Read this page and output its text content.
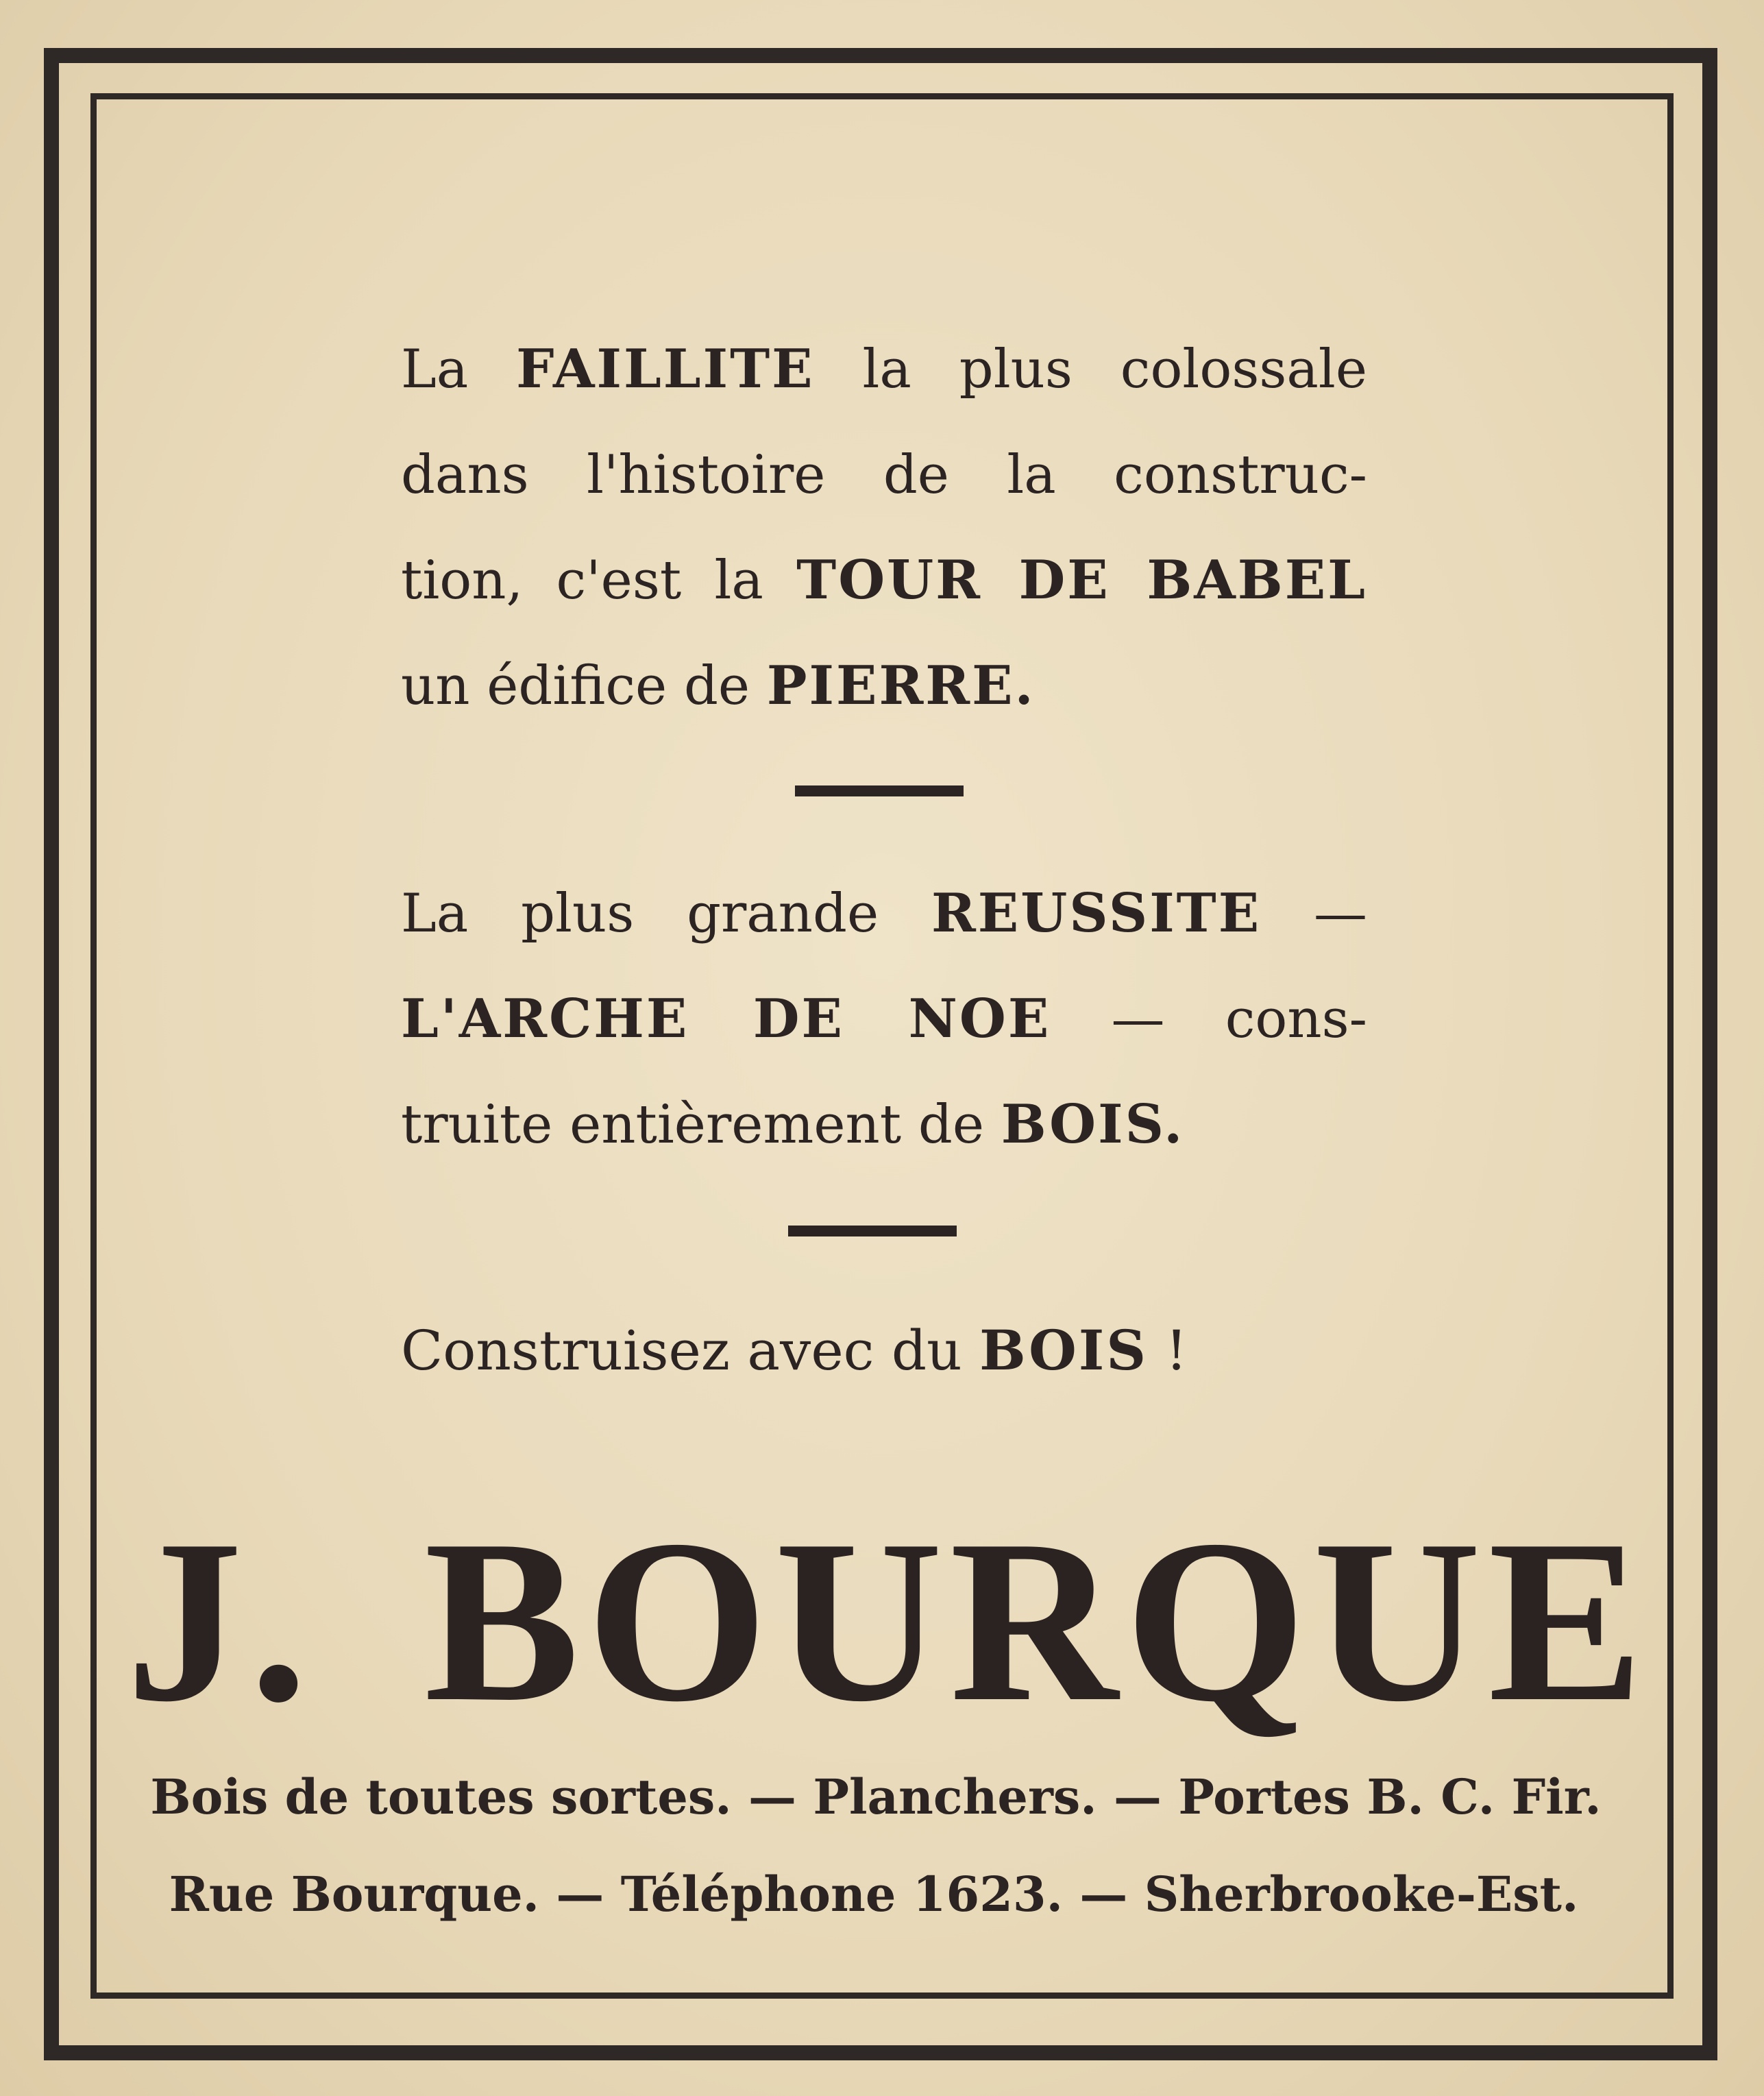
La FAILLITE la plus colossale
dans l'histoire de la construc-
tion, c'est la TOUR DE BABEL
un édifice de PIERRE.
La plus grande REUSSITE —
L'ARCHE DE NOE — cons-
truite entièrement de BOIS.
Construisez avec du BOIS !
J. BOURQUE
Bois de toutes sortes. — Planchers. — Portes B. C. Fir.
Rue Bourque. — Téléphone 1623. — Sherbrooke-Est.
